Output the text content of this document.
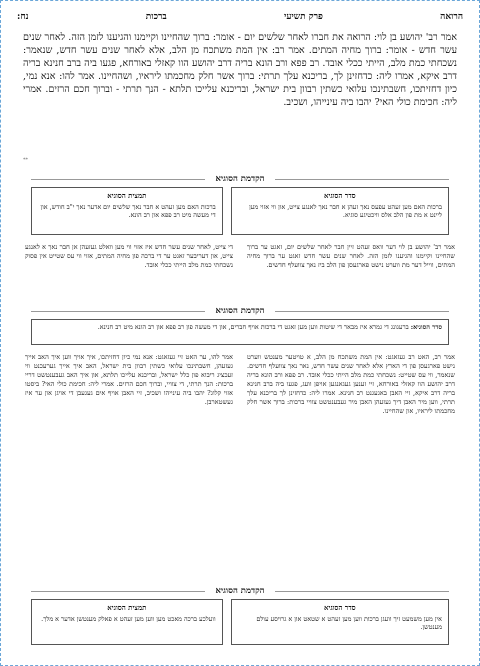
הרואה
פרק תשיעי
ברכות
נח:
אמר רב' יהושע בן לוי: הרואה את חברו לאחר שלשים יום - אומר: ברוך שהחיינו וקיימנו והגיענו לזמן הזה. לאחר שנים עשר חדש - אומר: ברוך מחיה המתים. אמר רב: אין המת משתכח מן הלב, אלא לאחר שנים עשר חדש, שנאמר: נשכחתי כמת מלב, הייתי ככלי אובד. רב פפא ורב הונא בריה דרב יהושע הוו קאזלי באורחא, פגעו ביה ברב חנינא בריה דרב איקא, אמרו ליה: כדחזינן לך, בריכנא עלך תרתי: ברוך אשר חלק מחכמתו ליראיו, ושהחיינו. אמר להו: אנא נמי, כיון דחזיתכו, חשבתינכו עלואי כשתין רבוון בית ישראל, ובריכנא עלייכו תלתא - הנך תרתי - וברוך חכם הרזים. אמרי ליה: חכימת כולי האי? יהבו ביה עינייהו, ושכיב.
**
הקדמת הסוגיא
סדר הסוגיא
ברכות האם מען זעהט עפעס נאך זעהן א חבר נאך לאנגע צייט, און ווי אזוי מען ליינט א מת פון הלב אלס וויכטיגע סוגיא.
תמצית הסוגיא
ברכות האם מען זעהט א חבר נאך שלשים יום אדער נאך י"ב חודש, און די מעשה מיט רב פפא און רב הונא.
אמר רב' יהושע בן לוי דער וואס זעהט זיין חבר לאחר שלשים יום, זאגט ער ברוך שהחיינו וקיימנו והגיענו לזמן הזה. לאחר שנים עשר חדש זאגט ער ברוך מחיה המתים, ווייל דער מת ווערט נישט פארגעסן פון הלב ביז נאך צוועלף חדשים.
די צייט, לאחר שנים עשר חדש איז אזוי ווי מען וואלט געזעהן אן חבר נאך א לאנגע צייט, און דעריבער זאגט ער די ברכה פון מחיה המתים, אזוי ווי עס שטייט אין פסוק נשכחתי כמת מלב הייתי ככלי אובד.
הקדמת הסוגיא
סדר הסוגיא: ברעגונג די גמרא איז מבאר די שיטות ווען מען זאגט די ברכות אויף חברים, און די מעשה פון רב פפא און רב הונא מיט רב חנינא.
אמר רב, האט רב געזאגט: אין המת משתכח מן הלב, א טויטער מענטש ווערט נישט פארגעסן פון די הארץ אלא לאחר שנים עשר חדש, נאר נאך צוועלף חדשים. שנאמר, ווי עס שטייט: נשכחתי כמת מלב הייתי ככלי אובד. רב פפא ורב הונא בריה דרב יהושע הוו קאזלי באורחא, זיי זענען געגאנגען אויפן וועג, פגעו ביה ברב חנינא בריה דרב איקא, זיי האבן באגעגנט רב חנינא. אמרו ליה: כדחזינן לך בריכנא עלך תרתי, ווען מיר האבן דיך געזעהן האבן מיר געבענטשט צוויי ברכות: ברוך אשר חלק מחכמתו ליראיו, און שהחיינו.
אמר להו, ער האט זיי געזאגט: אנא נמי כיון דחזיתכו, איך אויך ווען איך האב אייך געזעהן, חשבתינכו עלואי כשתין רבוון בית ישראל, האב איך אייך גערעכנט ווי זעכציג ריבוא פון כלל ישראל, ובריכנא עלייכו תלתא, און איך האב געבענטשט דריי ברכות: הנך תרתי, די צוויי, וברוך חכם הרזים. אמרי ליה: חכימת כולי האי? ביסטו אזוי קלוג? יהבו ביה עינייהו ושכיב, זיי האבן אויף אים געגעבן די אויגן און ער איז געשטארבן.
הקדמת הסוגיא
סדר הסוגיא
אין מען משמעט זיך וועגן ברכות ווען מען זעהט א שטאט און א גרויסע עולם מענטשן.
תמצית הסוגיא
וועלכע ברכה מאכט מען ווען מען זעהט א פאלק מענטשן אדער א מלך.
